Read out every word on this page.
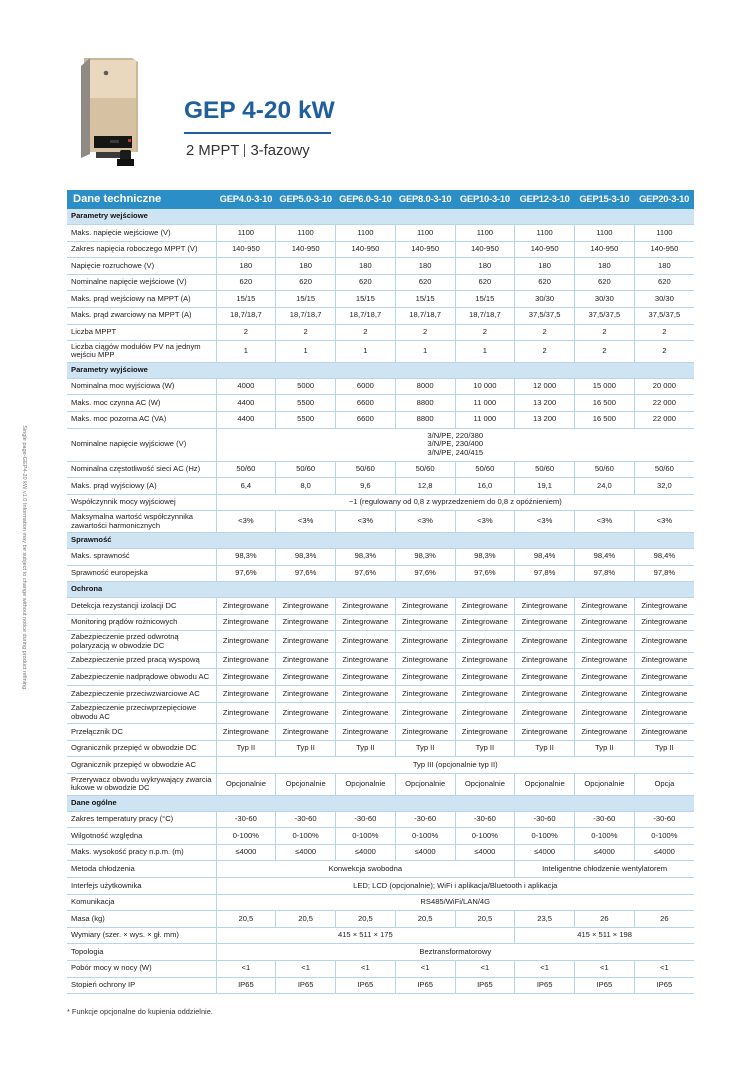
Single page-GEP4-20 kW v1.0 Information may be subject to change without notice during product refining.
GEP 4-20 kW
2 MPPT 3-fazowy
Dane techniczne	GEP4.0-3-10	GEP5.0-3-10	GEP6.0-3-10	GEP8.0-3-10	GEP10-3-10	GEP12-3-10	GEP15-3-10	GEP20-3-10
Parametry wejściowe								
Maks. napięcie wejściowe (V)	1100	1100	1100	1100	1100	1100	1100	1100
Zakres napięcia roboczego MPPT (V)	140-950	140-950	140-950	140-950	140-950	140-950	140-950	140-950
Napięcie rozruchowe (V)	180	180	180	180	180	180	180	180
Nominalne napięcie wejściowe (V)	620	620	620	620	620	620	620	620
Maks. prąd wejściowy na MPPT (A)	15/15	15/15	15/15	15/15	15/15	30/30	30/30	30/30
Maks. prąd zwarciowy na MPPT (A)	18,7/18,7	18,7/18,7	18,7/18,7	18,7/18,7	18,7/18,7	37,5/37,5	37,5/37,5	37,5/37,5
Liczba MPPT	2	2	2	2	2	2	2	2
Liczba ciągów modułów PV na jednym wejściu MPP	1	1	1	1	1	2	2	2
Parametry wyjściowe								
Nominalna moc wyjściowa (W)	4000	5000	6000	8000	10 000	12 000	15 000	20 000
Maks. moc czynna AC (W)	4400	5500	6600	8800	11 000	13 200	16 500	22 000
Maks. moc pozorna AC (VA)	4400	5500	6600	8800	11 000	13 200	16 500	22 000
Nominalne napięcie wyjściowe (V)	3/N/PE, 220/380
3/N/PE, 230/400
3/N/PE, 240/415							
Nominalna częstotliwość sieci AC (Hz)	50/60	50/60	50/60	50/60	50/60	50/60	50/60	50/60
Maks. prąd wyjściowy (A)	6,4	8,0	9,6	12,8	16,0	19,1	24,0	32,0
Współczynnik mocy wyjściowej	~1 (regulowany od 0,8 z wyprzedzeniem do 0,8 z opóźnieniem)							
Maksymalna wartość współczynnika zawartości harmonicznych	<3%	<3%	<3%	<3%	<3%	<3%	<3%	<3%
Sprawność								
Maks. sprawność	98,3%	98,3%	98,3%	98,3%	98,3%	98,4%	98,4%	98,4%
Sprawność europejska	97,6%	97,6%	97,6%	97,6%	97,6%	97,8%	97,8%	97,8%
Ochrona								
Detekcja rezystancji izolacji DC	Zintegrowane	Zintegrowane	Zintegrowane	Zintegrowane	Zintegrowane	Zintegrowane	Zintegrowane	Zintegrowane
Monitoring prądów rożnicowych	Zintegrowane	Zintegrowane	Zintegrowane	Zintegrowane	Zintegrowane	Zintegrowane	Zintegrowane	Zintegrowane
Zabezpieczenie przed odwrotną polaryzacją w obwodzie DC	Zintegrowane	Zintegrowane	Zintegrowane	Zintegrowane	Zintegrowane	Zintegrowane	Zintegrowane	Zintegrowane
Zabezpieczenie przed pracą wyspową	Zintegrowane	Zintegrowane	Zintegrowane	Zintegrowane	Zintegrowane	Zintegrowane	Zintegrowane	Zintegrowane
Zabezpieczenie nadprądowe obwodu AC	Zintegrowane	Zintegrowane	Zintegrowane	Zintegrowane	Zintegrowane	Zintegrowane	Zintegrowane	Zintegrowane
Zabezpieczenie przeciwzwarciowe AC	Zintegrowane	Zintegrowane	Zintegrowane	Zintegrowane	Zintegrowane	Zintegrowane	Zintegrowane	Zintegrowane
Zabezpieczenie przeciwprzepięciowe obwodu AC	Zintegrowane	Zintegrowane	Zintegrowane	Zintegrowane	Zintegrowane	Zintegrowane	Zintegrowane	Zintegrowane
Przełącznik DC	Zintegrowane	Zintegrowane	Zintegrowane	Zintegrowane	Zintegrowane	Zintegrowane	Zintegrowane	Zintegrowane
Ogranicznik przepięć w obwodzie DC	Typ II	Typ II	Typ II	Typ II	Typ II	Typ II	Typ II	Typ II
Ogranicznik przepięć w obwodzie AC	Typ III (opcjonalnie typ II)							
Przerywacz obwodu wykrywający zwarcia łukowe w obwodzie DC	Opcjonalnie	Opcjonalnie	Opcjonalnie	Opcjonalnie	Opcjonalnie	Opcjonalnie	Opcjonalnie	Opcja
Dane ogólne								
Zakres temperatury pracy (°C)	-30-60	-30-60	-30-60	-30-60	-30-60	-30-60	-30-60	-30-60
Wilgotność względna	0-100%	0-100%	0-100%	0-100%	0-100%	0-100%	0-100%	0-100%
Maks. wysokość pracy n.p.m. (m)	≤4000	≤4000	≤4000	≤4000	≤4000	≤4000	≤4000	≤4000
Metoda chłodzenia	Konwekcja swobodna					Inteligentne chłodzenie wentylatorem		
Interfejs użytkownika	LED; LCD (opcjonalnie); WiFi i aplikacja/Bluetooth i aplikacja							
Komunikacja	RS485/WiFi/LAN/4G							
Masa (kg)	20,5	20,5	20,5	20,5	20,5	23,5	26	26
Wymiary (szer. × wys. × gł. mm)	415 × 511 × 175					415 × 511 × 198		
Topologia	Beztransformatorowy							
Pobór mocy w nocy (W)	<1	<1	<1	<1	<1	<1	<1	<1
Stopień ochrony IP	IP65	IP65	IP65	IP65	IP65	IP65	IP65	IP65
* Funkcje opcjonalne do kupienia oddzielnie.
